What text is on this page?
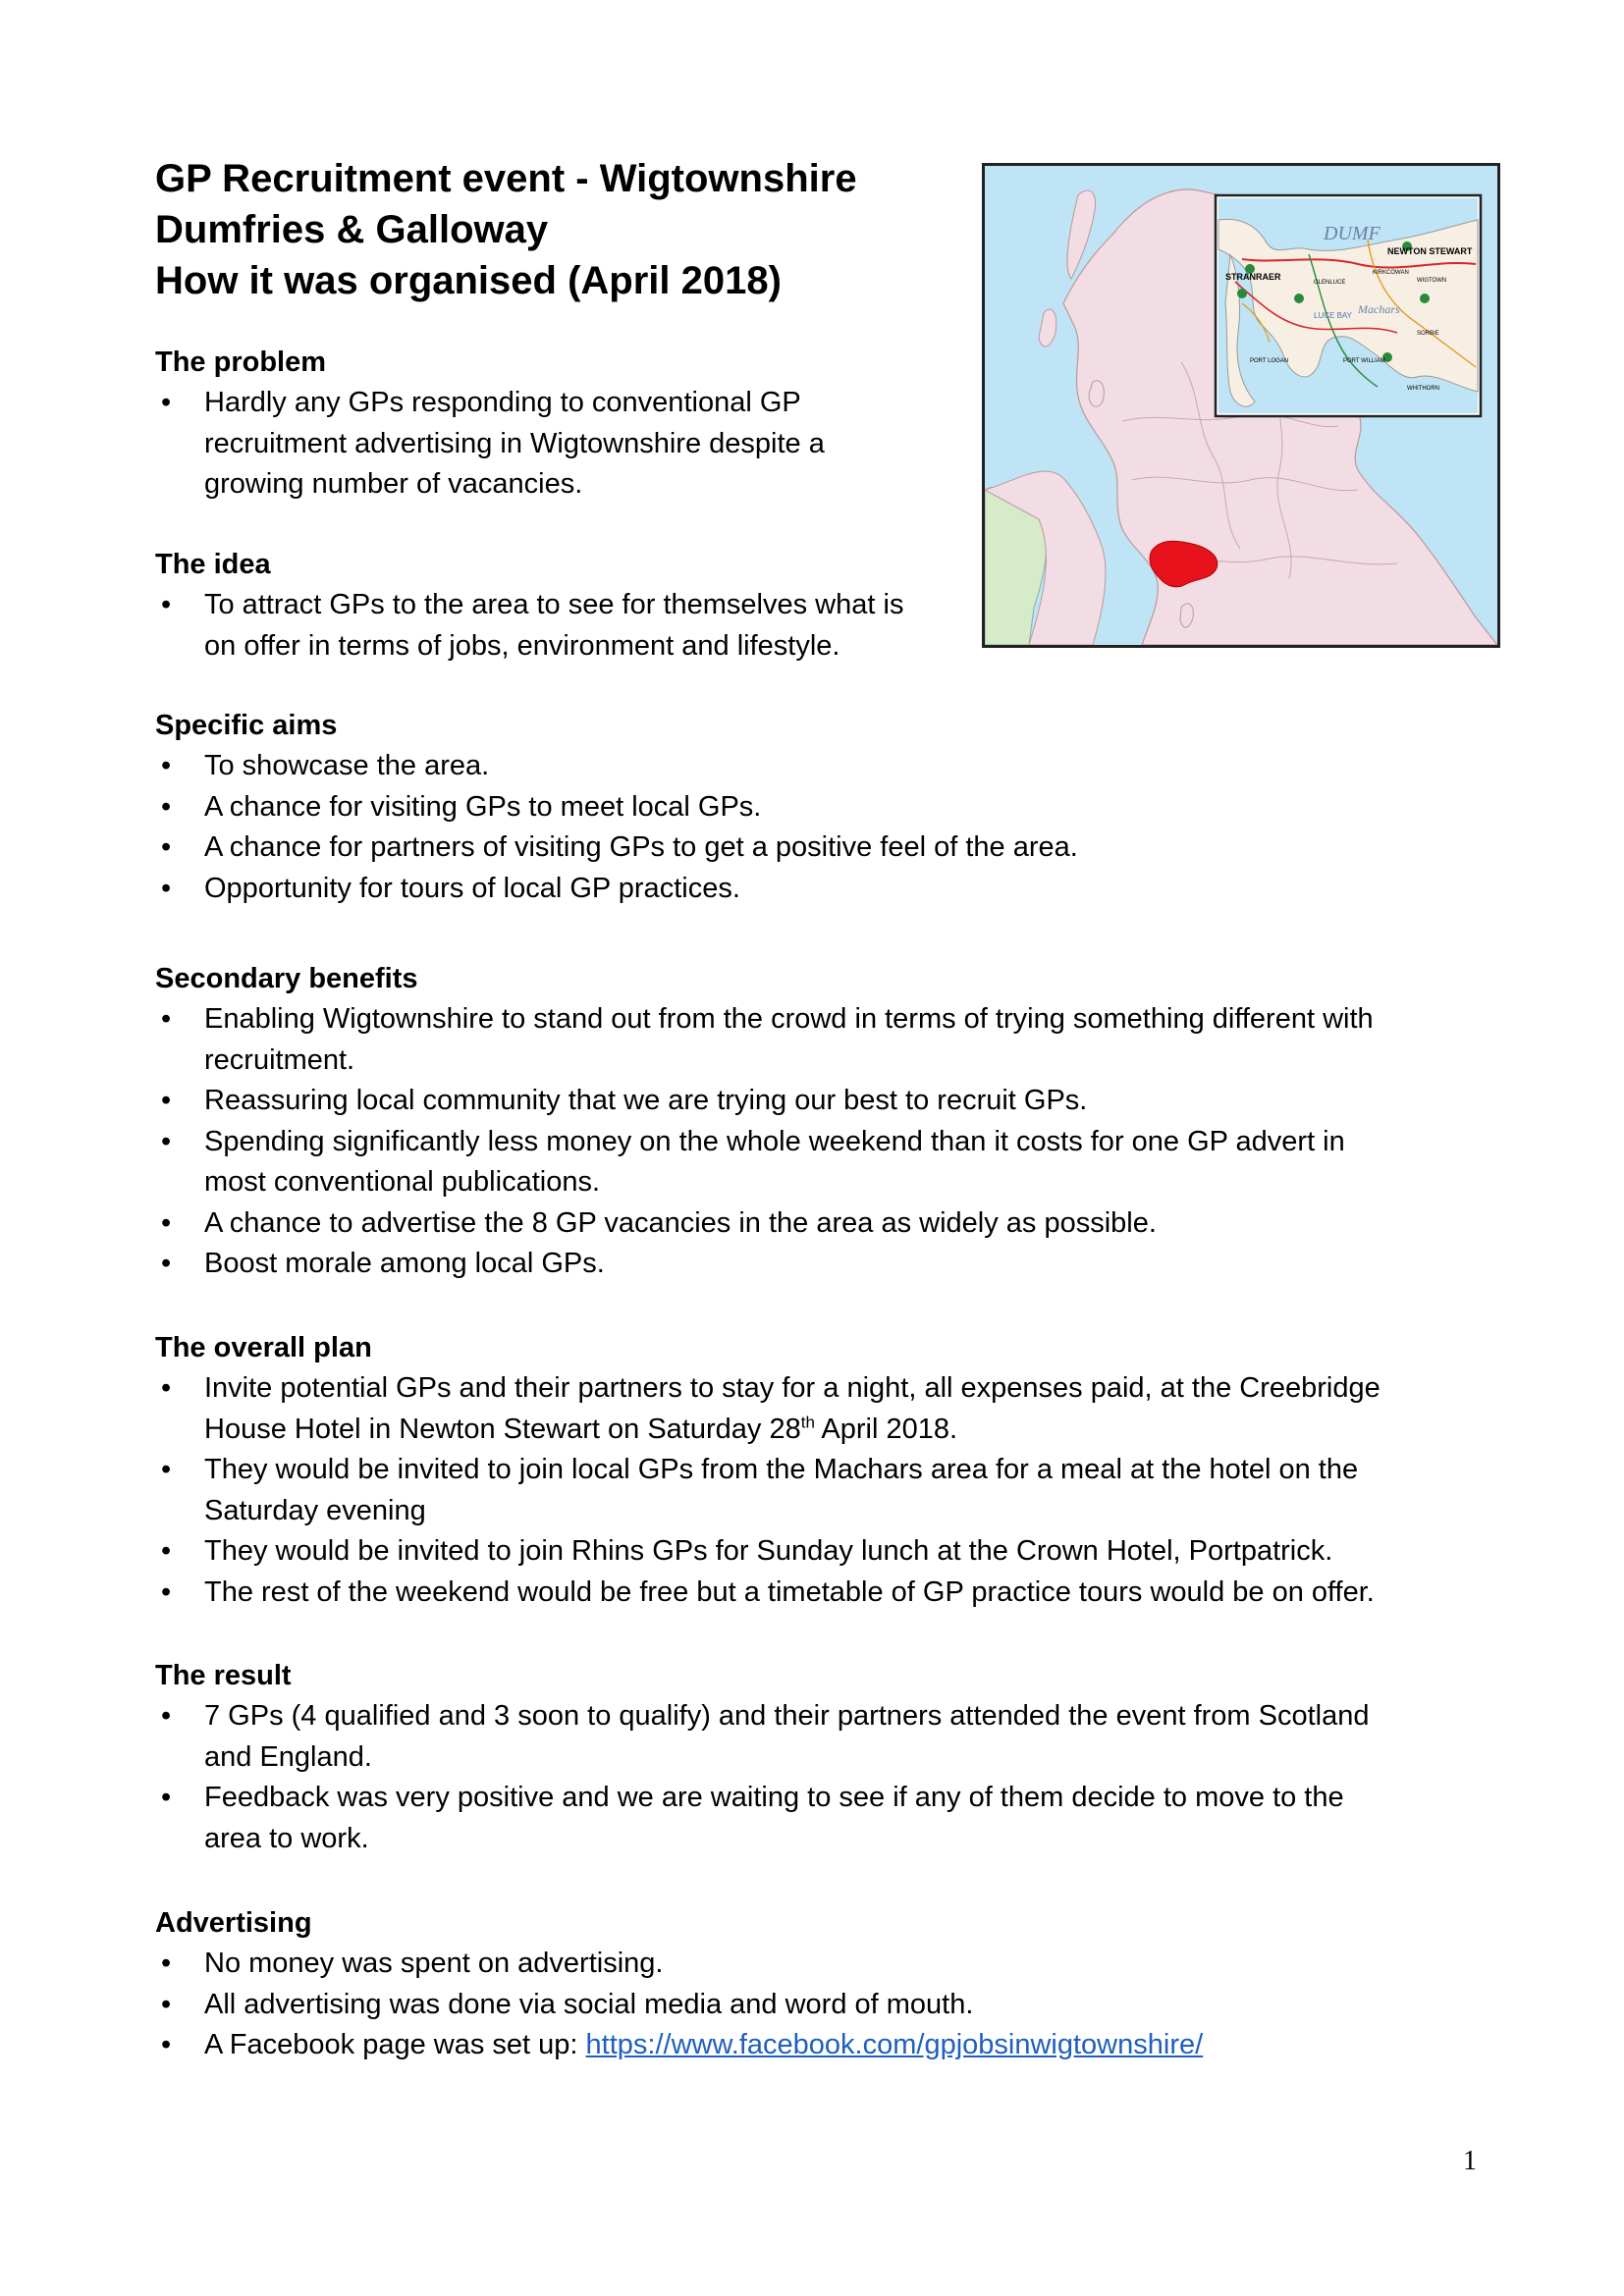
GP Recruitment event - Wigtownshire
Dumfries & Galloway
How it was organised (April 2018)
NEWTON STEWART
STRANRAER
DUMF
LUCE BAY Machars
PORT LOGAN	PORT WILLIAM
GLENLUCE
KIRKCOWAN
WIGTOWN
WHITHORN
SORBIE
The problem
• Hardly any GPs responding to conventional GP
recruitment advertising in Wigtownshire despite a
growing number of vacancies.
The idea
• To attract GPs to the area to see for themselves what is
on offer in terms of jobs, environment and lifestyle.
Specific aims
• To showcase the area.
• A chance for visiting GPs to meet local GPs.
• A chance for partners of visiting GPs to get a positive feel of the area.
• Opportunity for tours of local GP practices.
Secondary benefits
• Enabling Wigtownshire to stand out from the crowd in terms of trying something different with
recruitment.
• Reassuring local community that we are trying our best to recruit GPs.
• Spending significantly less money on the whole weekend than it costs for one GP advert in
most conventional publications.
• A chance to advertise the 8 GP vacancies in the area as widely as possible.
• Boost morale among local GPs.
The overall plan
• Invite potential GPs and their partners to stay for a night, all expenses paid, at the Creebridge
House Hotel in Newton Stewart on Saturday 28th April 2018.
• They would be invited to join local GPs from the Machars area for a meal at the hotel on the
Saturday evening
• They would be invited to join Rhins GPs for Sunday lunch at the Crown Hotel, Portpatrick.
• The rest of the weekend would be free but a timetable of GP practice tours would be on offer.
The result
• 7 GPs (4 qualified and 3 soon to qualify) and their partners attended the event from Scotland
and England.
• Feedback was very positive and we are waiting to see if any of them decide to move to the
area to work.
Advertising
• No money was spent on advertising.
• All advertising was done via social media and word of mouth.
• A Facebook page was set up: https://www.facebook.com/gpjobsinwigtownshire/
1
